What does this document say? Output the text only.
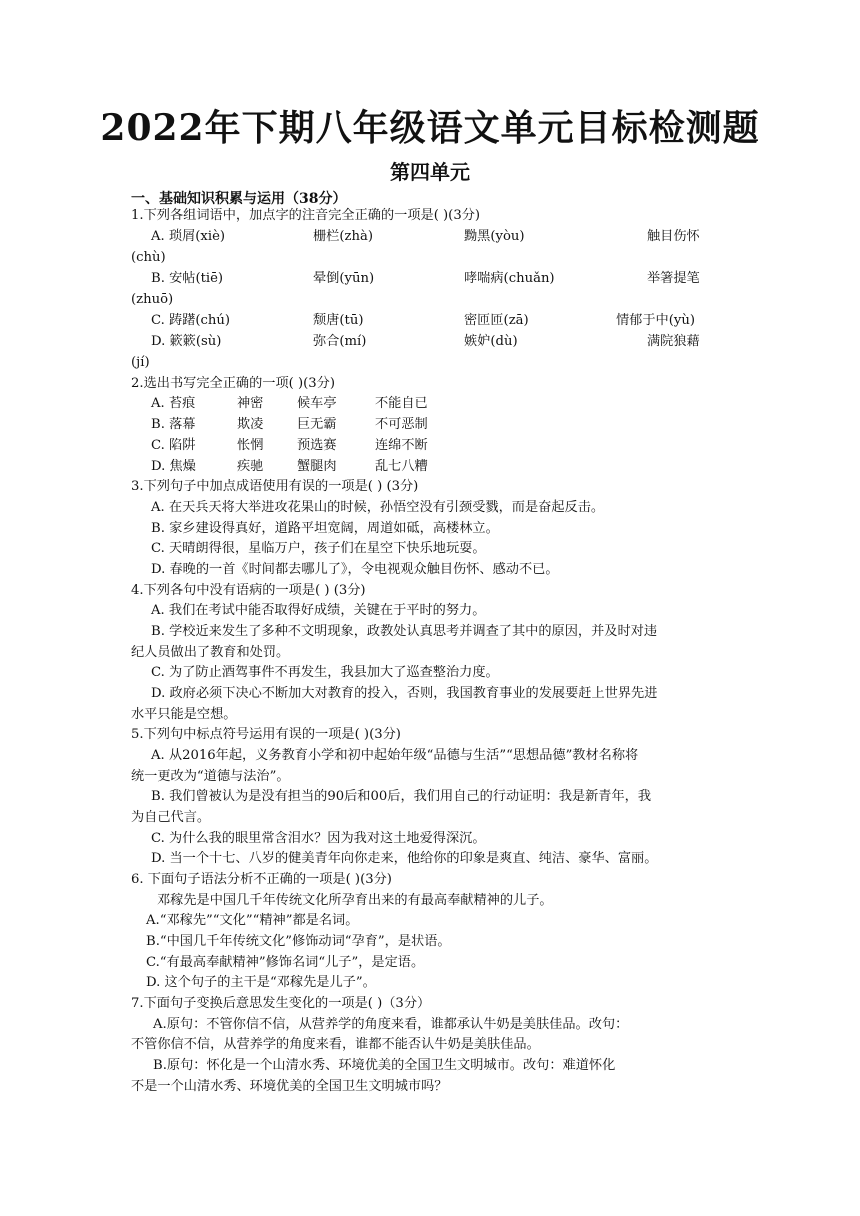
2022年下期八年级语文单元目标检测题
第四单元
一、基础知识积累与运用（38分）
1.下列各组词语中，加点字的注音完全正确的一项是( )(3分)
A. 琐屑(xiè)	栅栏(zhà)	黝黑(yòu)	触目伤怀
(chù)
B. 安帖(tiē)	晕倒(yūn)	哮喘病(chuǎn)	举箸提笔
(zhuō)
C. 踌躇(chú)	颓唐(tū)	密匝匝(zā)	情郁于中(yù)
D. 簌簌(sù)	弥合(mí)	嫉妒(dù)	满院狼藉
(jí)
2.选出书写完全正确的一项( )(3分)
A. 苔痕	神密	候车亭	不能自已
B. 落幕	欺凌	巨无霸	不可恶制
C. 陷阱	怅惘	预选赛	连绵不断
D. 焦燥	疾驰	蟹腿肉	乱七八糟
3.下列句子中加点成语使用有误的一项是( ) (3分)
A. 在天兵天将大举进攻花果山的时候，孙悟空没有引颈受戮，而是奋起反击。
B. 家乡建设得真好，道路平坦宽阔，周道如砥，高楼林立。
C. 天晴朗得很，星临万户，孩子们在星空下快乐地玩耍。
D. 春晚的一首《时间都去哪儿了》，令电视观众触目伤怀、感动不已。
4.下列各句中没有语病的一项是( ) (3分)
A. 我们在考试中能否取得好成绩，关键在于平时的努力。
B. 学校近来发生了多种不文明现象，政教处认真思考并调查了其中的原因，并及时对违
纪人员做出了教育和处罚。
C. 为了防止酒驾事件不再发生，我县加大了巡查整治力度。
D. 政府必须下决心不断加大对教育的投入，否则，我国教育事业的发展要赶上世界先进
水平只能是空想。
5.下列句中标点符号运用有误的一项是( )(3分)
A. 从2016年起，义务教育小学和初中起始年级“品德与生活”“思想品德”教材名称将
统一更改为“道德与法治”。
B. 我们曾被认为是没有担当的90后和00后，我们用自己的行动证明：我是新青年，我
为自己代言。
C. 为什么我的眼里常含泪水？因为我对这土地爱得深沉。
D. 当一个十七、八岁的健美青年向你走来，他给你的印象是爽直、纯洁、豪华、富丽。
6. 下面句子语法分析不正确的一项是( )(3分)
邓稼先是中国几千年传统文化所孕育出来的有最高奉献精神的儿子。
A.“邓稼先”“文化”“精神”都是名词。
B.“中国几千年传统文化”修饰动词“孕育”，是状语。
C.“有最高奉献精神”修饰名词“儿子”，是定语。
D. 这个句子的主干是“邓稼先是儿子”。
7.下面句子变换后意思发生变化的一项是( )（3分）
A.原句：不管你信不信，从营养学的角度来看，谁都承认牛奶是美肤佳品。改句：
不管你信不信，从营养学的角度来看，谁都不能否认牛奶是美肤佳品。
B.原句：怀化是一个山清水秀、环境优美的全国卫生文明城市。改句：难道怀化
不是一个山清水秀、环境优美的全国卫生文明城市吗？
